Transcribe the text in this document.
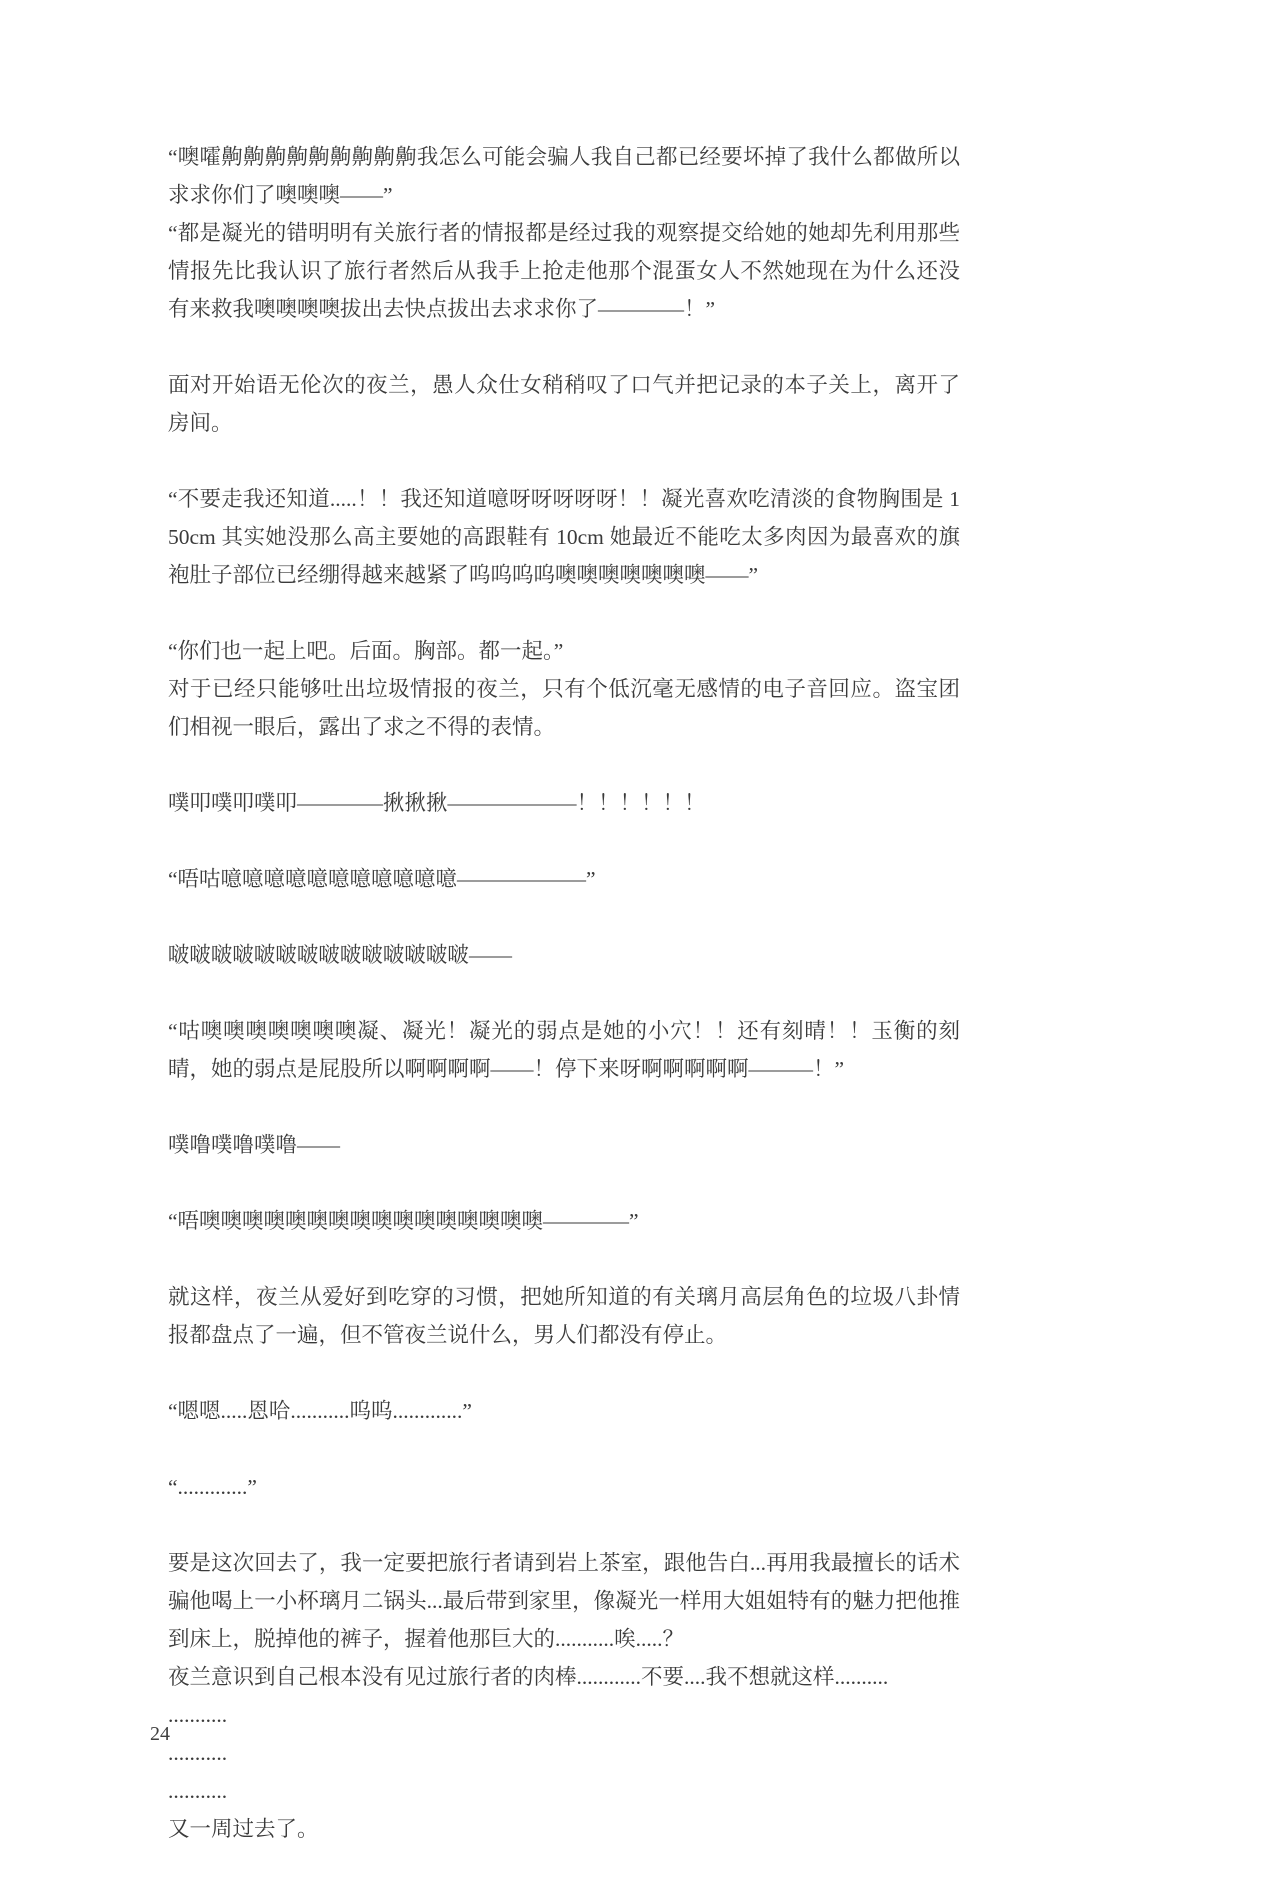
“噢嚯齁齁齁齁齁齁齁齁齁我怎么可能会骗人我自己都已经要坏掉了我什么都做所以求求你们了噢噢噢——”

“都是凝光的错明明有关旅行者的情报都是经过我的观察提交给她的她却先利用那些情报先比我认识了旅行者然后从我手上抢走他那个混蛋女人不然她现在为什么还没有来救我噢噢噢噢拔出去快点拔出去求求你了————！”

面对开始语无伦次的夜兰，愚人众仕女稍稍叹了口气并把记录的本子关上，离开了房间。

“不要走我还知道.....！！我还知道噫呀呀呀呀呀！！凝光喜欢吃清淡的食物胸围是 150cm 其实她没那么高主要她的高跟鞋有 10cm 她最近不能吃太多肉因为最喜欢的旗袍肚子部位已经绷得越来越紧了呜呜呜呜噢噢噢噢噢噢噢——”

“你们也一起上吧。后面。胸部。都一起。”

对于已经只能够吐出垃圾情报的夜兰，只有个低沉毫无感情的电子音回应。盗宝团们相视一眼后，露出了求之不得的表情。

噗叩噗叩噗叩————揪揪揪——————！！！！！！

“唔咕噫噫噫噫噫噫噫噫噫噫噫——————”

啵啵啵啵啵啵啵啵啵啵啵啵啵啵——

“咕噢噢噢噢噢噢噢凝、凝光！凝光的弱点是她的小穴！！还有刻晴！！玉衡的刻晴，她的弱点是屁股所以啊啊啊啊——！停下来呀啊啊啊啊啊———！”

噗噜噗噜噗噜——

“唔噢噢噢噢噢噢噢噢噢噢噢噢噢噢噢噢————”

就这样，夜兰从爱好到吃穿的习惯，把她所知道的有关璃月高层角色的垃圾八卦情报都盘点了一遍，但不管夜兰说什么，男人们都没有停止。

“嗯嗯.....恩哈...........呜呜.............”

“.............”

要是这次回去了，我一定要把旅行者请到岩上茶室，跟他告白...再用我最擅长的话术骗他喝上一小杯璃月二锅头...最后带到家里，像凝光一样用大姐姐特有的魅力把他推到床上，脱掉他的裤子，握着他那巨大的...........唉.....？

夜兰意识到自己根本没有见过旅行者的肉棒............不要....我不想就这样..........

...........

...........

...........

又一周过去了。

24
